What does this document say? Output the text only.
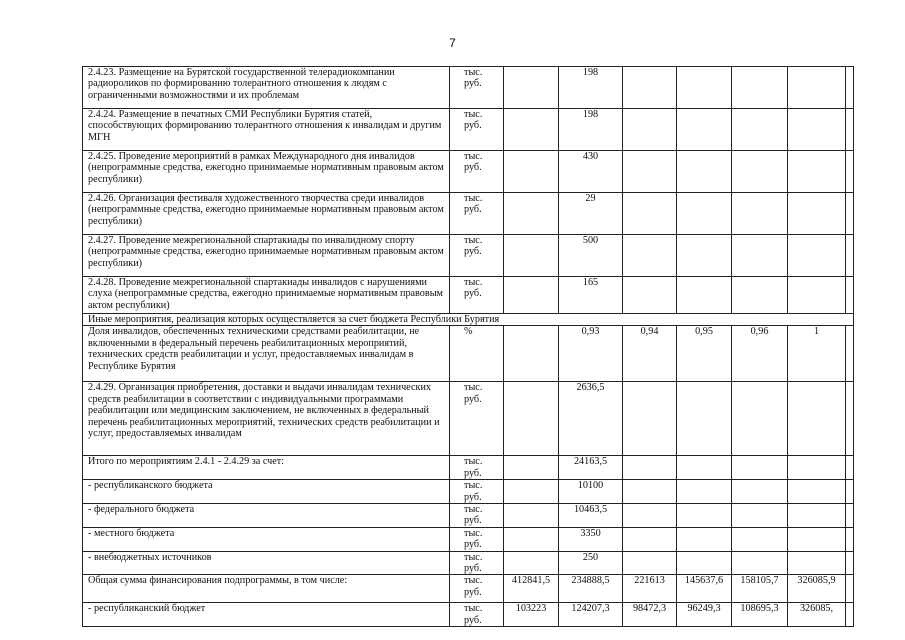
7
2.4.23. Размещение на Бурятской государственной телерадиокомпании радиороликов по формированию толерантного отношения к людям с ограниченными возможностями и их проблемам	тыс. руб.		198					
2.4.24. Размещение в печатных СМИ Республики Бурятия статей, способствующих формированию толерантного отношения к инвалидам и другим МГН	тыс. руб.		198					
2.4.25. Проведение мероприятий в рамках Международного дня инвалидов (непрограммные средства, ежегодно принимаемые нормативным правовым актом республики)	тыс. руб.		430					
2.4.26. Организация фестиваля художественного творчества среди инвалидов (непрограммные средства, ежегодно принимаемые нормативным правовым актом республики)	тыс. руб.		29					
2.4.27. Проведение межрегиональной спартакиады по инвалидному спорту (непрограммные средства, ежегодно принимаемые нормативным правовым актом республики)	тыс. руб.		500					
2.4.28. Проведение межрегиональной спартакиады инвалидов с нарушениями слуха (непрограммные средства, ежегодно принимаемые нормативным правовым актом республики)	тыс. руб.		165					
Иные мероприятия, реализация которых осуществляется за счет бюджета Республики Бурятия								
Доля инвалидов, обеспеченных техническими средствами реабилитации, не включенными в федеральный перечень реабилитационных мероприятий, технических средств реабилитации и услуг, предоставляемых инвалидам в Республике Бурятия	%		0,93	0,94	0,95	0,96	1	
2.4.29. Организация приобретения, доставки и выдачи инвалидам технических средств реабилитации в соответствии с индивидуальными программами реабилитации или медицинским заключением, не включенных в федеральный перечень реабилитационных мероприятий, технических средств реабилитации и услуг, предоставляемых инвалидам	тыс. руб.		2636,5					
Итого по мероприятиям 2.4.1 - 2.4.29 за счет:	тыс. руб.		24163,5					
- республиканского бюджета	тыс. руб.		10100					
- федерального бюджета	тыс. руб.		10463,5					
- местного бюджета	тыс. руб.		3350					
- внебюджетных источников	тыс. руб.		250					
Общая сумма финансирования подпрограммы, в том числе:	тыс. руб.	412841,5	234888,5	221613	145637,6	158105,7	326085,9	
- республиканский бюджет	тыс. руб.	103223	124207,3	98472,3	96249,3	108695,3	326085,	
